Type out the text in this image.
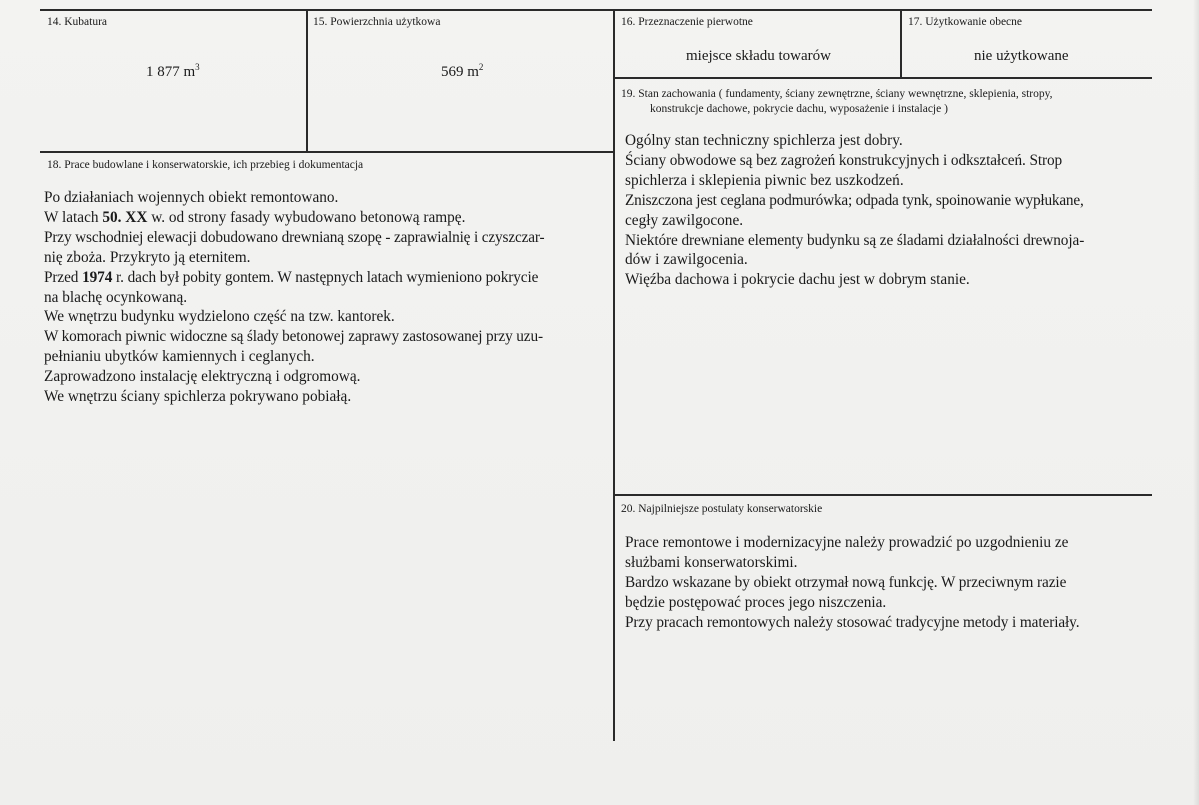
14. Kubatura
1 877 $m^3$
15. Powierzchnia użytkowa
569 $m^2$
16. Przeznaczenie pierwotne
miejsce składu towarów
17. Użytkowanie obecne
nie użytkowane
18. Prace budowlane i konserwatorskie, ich przebieg i dokumentacja
Po działaniach wojennych obiekt remontowano.
W latach 50. XX w. od strony fasady wybudowano betonową rampę.
Przy wschodniej elewacji dobudowano drewnianą szopę - zaprawialnię i czyszczar-
nię zboża. Przykryto ją eternitem.
Przed 1974 r. dach był pobity gontem. W następnych latach wymieniono pokrycie
na blachę ocynkowaną.
We wnętrzu budynku wydzielono część na tzw. kantorek.
W komorach piwnic widoczne są ślady betonowej zaprawy zastosowanej przy uzu-
pełnianiu ubytków kamiennych i ceglanych.
Zaprowadzono instalację elektryczną i odgromową.
We wnętrzu ściany spichlerza pokrywano pobiałą.
19. Stan zachowania ( fundamenty, ściany zewnętrzne, ściany wewnętrzne, sklepienia, stropy,
konstrukcje dachowe, pokrycie dachu, wyposażenie i instalacje )
Ogólny stan techniczny spichlerza jest dobry.
Ściany obwodowe są bez zagrożeń konstrukcyjnych i odkształceń. Strop
spichlerza i sklepienia piwnic bez uszkodzeń.
Zniszczona jest ceglana podmurówka; odpada tynk, spoinowanie wypłukane,
cegły zawilgocone.
Niektóre drewniane elementy budynku są ze śladami działalności drewnoja-
dów i zawilgocenia.
Więźba dachowa i pokrycie dachu jest w dobrym stanie.
20. Najpilniejsze postulaty konserwatorskie
Prace remontowe i modernizacyjne należy prowadzić po uzgodnieniu ze
służbami konserwatorskimi.
Bardzo wskazane by obiekt otrzymał nową funkcję. W przeciwnym razie
będzie postępować proces jego niszczenia.
Przy pracach remontowych należy stosować tradycyjne metody i materiały.
